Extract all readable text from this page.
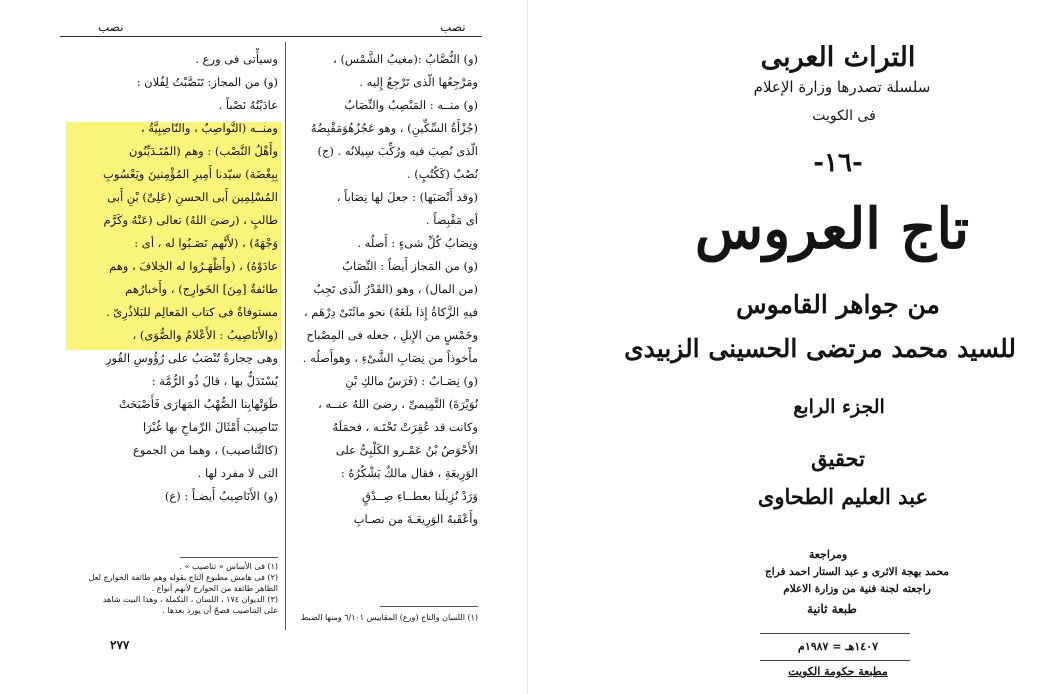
نصب	نصب

(و) النُّصَّابُ :(مغيبُ الشَّمْس) ،

ومَرْجِعُها الّذى تَرْجِعُ إِليه .

(و) منــه : المَنْصِبُ والنِّصَابُ

(جُزْأَةُ السِّكِّينِ) ، وهو عَجُزُهُوَمَقْبِضُهُ

الّذى نُصِبَ فيه ورُكِّبَ سِيلانُه . (ج)

نُصُبٌ (كَكُتُبٍ) .

(وقد أَنْصَبَها) : جعلَ لها نِصَاباً ،

أى مَقْبِضاً .

ونِصَابُ كُلِّ شىءٍ : أَصلُه .

(و) من المَجاز أَيضاً : النِّصَابُ

(من المال) ، وهو (القَدْرُ الّذى تَجِبُ

فيهِ الزَّكاةُ إِذا بلَغَهُ) نحو مائَتَىْ دِرْهَم ،

وخَمْسٍ من الإِبلِ ، جعله فى المِصْباح

مأْخوذاً من نِصَابِ الشَّىْءِ ، وهوأَصلُه .

(و) نِصَـابٌ : (فَرَسُ مالكِ بْنِ

نُوَيْرَةَ) التَّمِيمىِّ ، رضىَ اللهُ عنــه ،

وكانت قد عُقِرَتْ تَحْتَـه ، فحمَلَهُ

الأَحْوَصُ بْنُ عَمْـرو الكَلْبِىُّ على

الوَرِيعَةِ ، فقال مالكٌ يَشْكُرُهُ :

وَرَدْ نُزِيلَنا بعطــاءِ صِــدْقٍ

وأَعْقَبهُ الوَرِيعَـةَ من نصـابِ

وسيأْتى فى ورع .

(و) من المجاز: تَنَصَّبْتُ لِفُلان :

عادَيْتُهُ نَصْباً .

ومنــه (النَّواصِبُ ، والنّاصِبِيَّةُ ،

وأَهْلُ النَّصْب) : وهم (المُتَـدَيِّنُون

بِبِغْضَة) سيّدنا أَمِيرِ المُؤْمِنينَ ويَعْسُوبِ

المُسْلِمِين أَبى الحسنِ (عَلِىِّ) بْنِ أَبى

طالبٍ ، (رضىَ اللهُ) تعالى (عَنْهُ وكَرَّم

وَجْهَهُ) ، (لأَنَّهم نَصَـبُوا له ، أى :

عادَوْهُ) ، (وأَظْهَـرُوا له الخِلافَ ، وهم

طائفةٌ [مِنَ] الخَوارِج) ، وأَخبارُهم

مستوفاةٌ فى كتاب المَعالِم للبَلاذُرِىّ .

(والأَنَاصِيبُ : الأَعْلامُ والصُّوَى) ،

وهى حِجارةٌ تُنْصَبُ على رُؤُوسِ القُورِ

يُسْتَدَلُّ بها ، قالَ ذُو الرُّمَّة :

طَوَتْهابِنا الصُّهْبُ المَهارَى فَأَصْبَحَتْ

تَنَاصِيبَ أَمْثَالَ الرِّماحِ بها غُبْرَا

(كالتَّناصيب) ، وهما من الجموع

التى لا مفرد لها .

(و) الأَنَاصِيبُ أَيضـاً : (ع)

(١) فى الأساس « تناصيب » .

(٢) فى هامش مطبوع التاج بقوله وهم طائفة الخوارج لعل

الظاهر طائفة من الخوارج لأنهم أنواع .

(٣) الديوان ١٧٤ ، اللسان ، التكملة ، وهذا البيت شاهد

على التناصيب فصحّ أن يورد بعدها .

(١) اللسان والتاج (ورع) المقاييس ٦/١٠١ ومنها الضبط

٢٧٧
التراث العربى
سلسلة تصدرها وزارة الإعلام
فى الكويت
-١٦-
تاج العروس
من جواهر القاموس
للسيد محمد مرتضى الحسينى الزبيدى
الجزء الرابع
تحقيق
عبد العليم الطحاوى
ومراجعة
محمد بهجة الاثرى و عبد الستار احمد فراج
راجعته لجنة فنية من وزارة الاعلام
طبعة ثانية
١٤٠٧هـ = ١٩٨٧م
مطبعة حكومة الكويت
